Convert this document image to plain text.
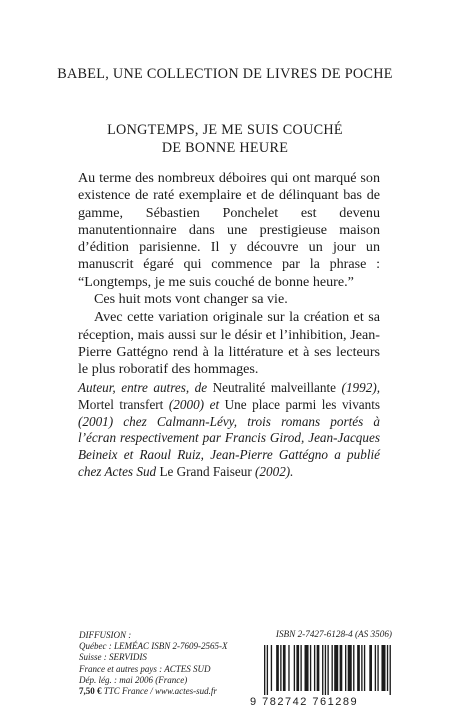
BABEL, UNE COLLECTION DE LIVRES DE POCHE
LONGTEMPS, JE ME SUIS COUCHÉ
DE BONNE HEURE

Au terme des nombreux déboires qui ont marqué son existence de raté exemplaire et de délinquant bas de gamme, Sébastien Ponchelet est devenu manutentionnaire dans une prestigieuse maison d’édition parisienne. Il y découvre un jour un manuscrit égaré qui commence par la phrase : “Longtemps, je me suis couché de bonne heure.”

Ces huit mots vont changer sa vie.

Avec cette variation originale sur la création et sa réception, mais aussi sur le désir et l’inhibition, Jean-Pierre Gattégno rend à la littérature et à ses lecteurs le plus roboratif des hommages.

Auteur, entre autres, de Neutralité malveillante (1992), Mortel transfert (2000) et Une place parmi les vivants (2001) chez Calmann-Lévy, trois romans portés à l’écran respectivement par Francis Girod, Jean-Jacques Beineix et Raoul Ruiz, Jean-Pierre Gattégno a publié chez Actes Sud Le Grand Faiseur (2002).
DIFFUSION :
Québec : LEMÉAC ISBN 2-7609-2565-X
Suisse : SERVIDIS
France et autres pays : ACTES SUD
Dép. lég. : mai 2006 (France)
7,50 € TTC France / www.actes-sud.fr
ISBN 2-7427-6128-4 (AS 3506)
9 782742 761289
